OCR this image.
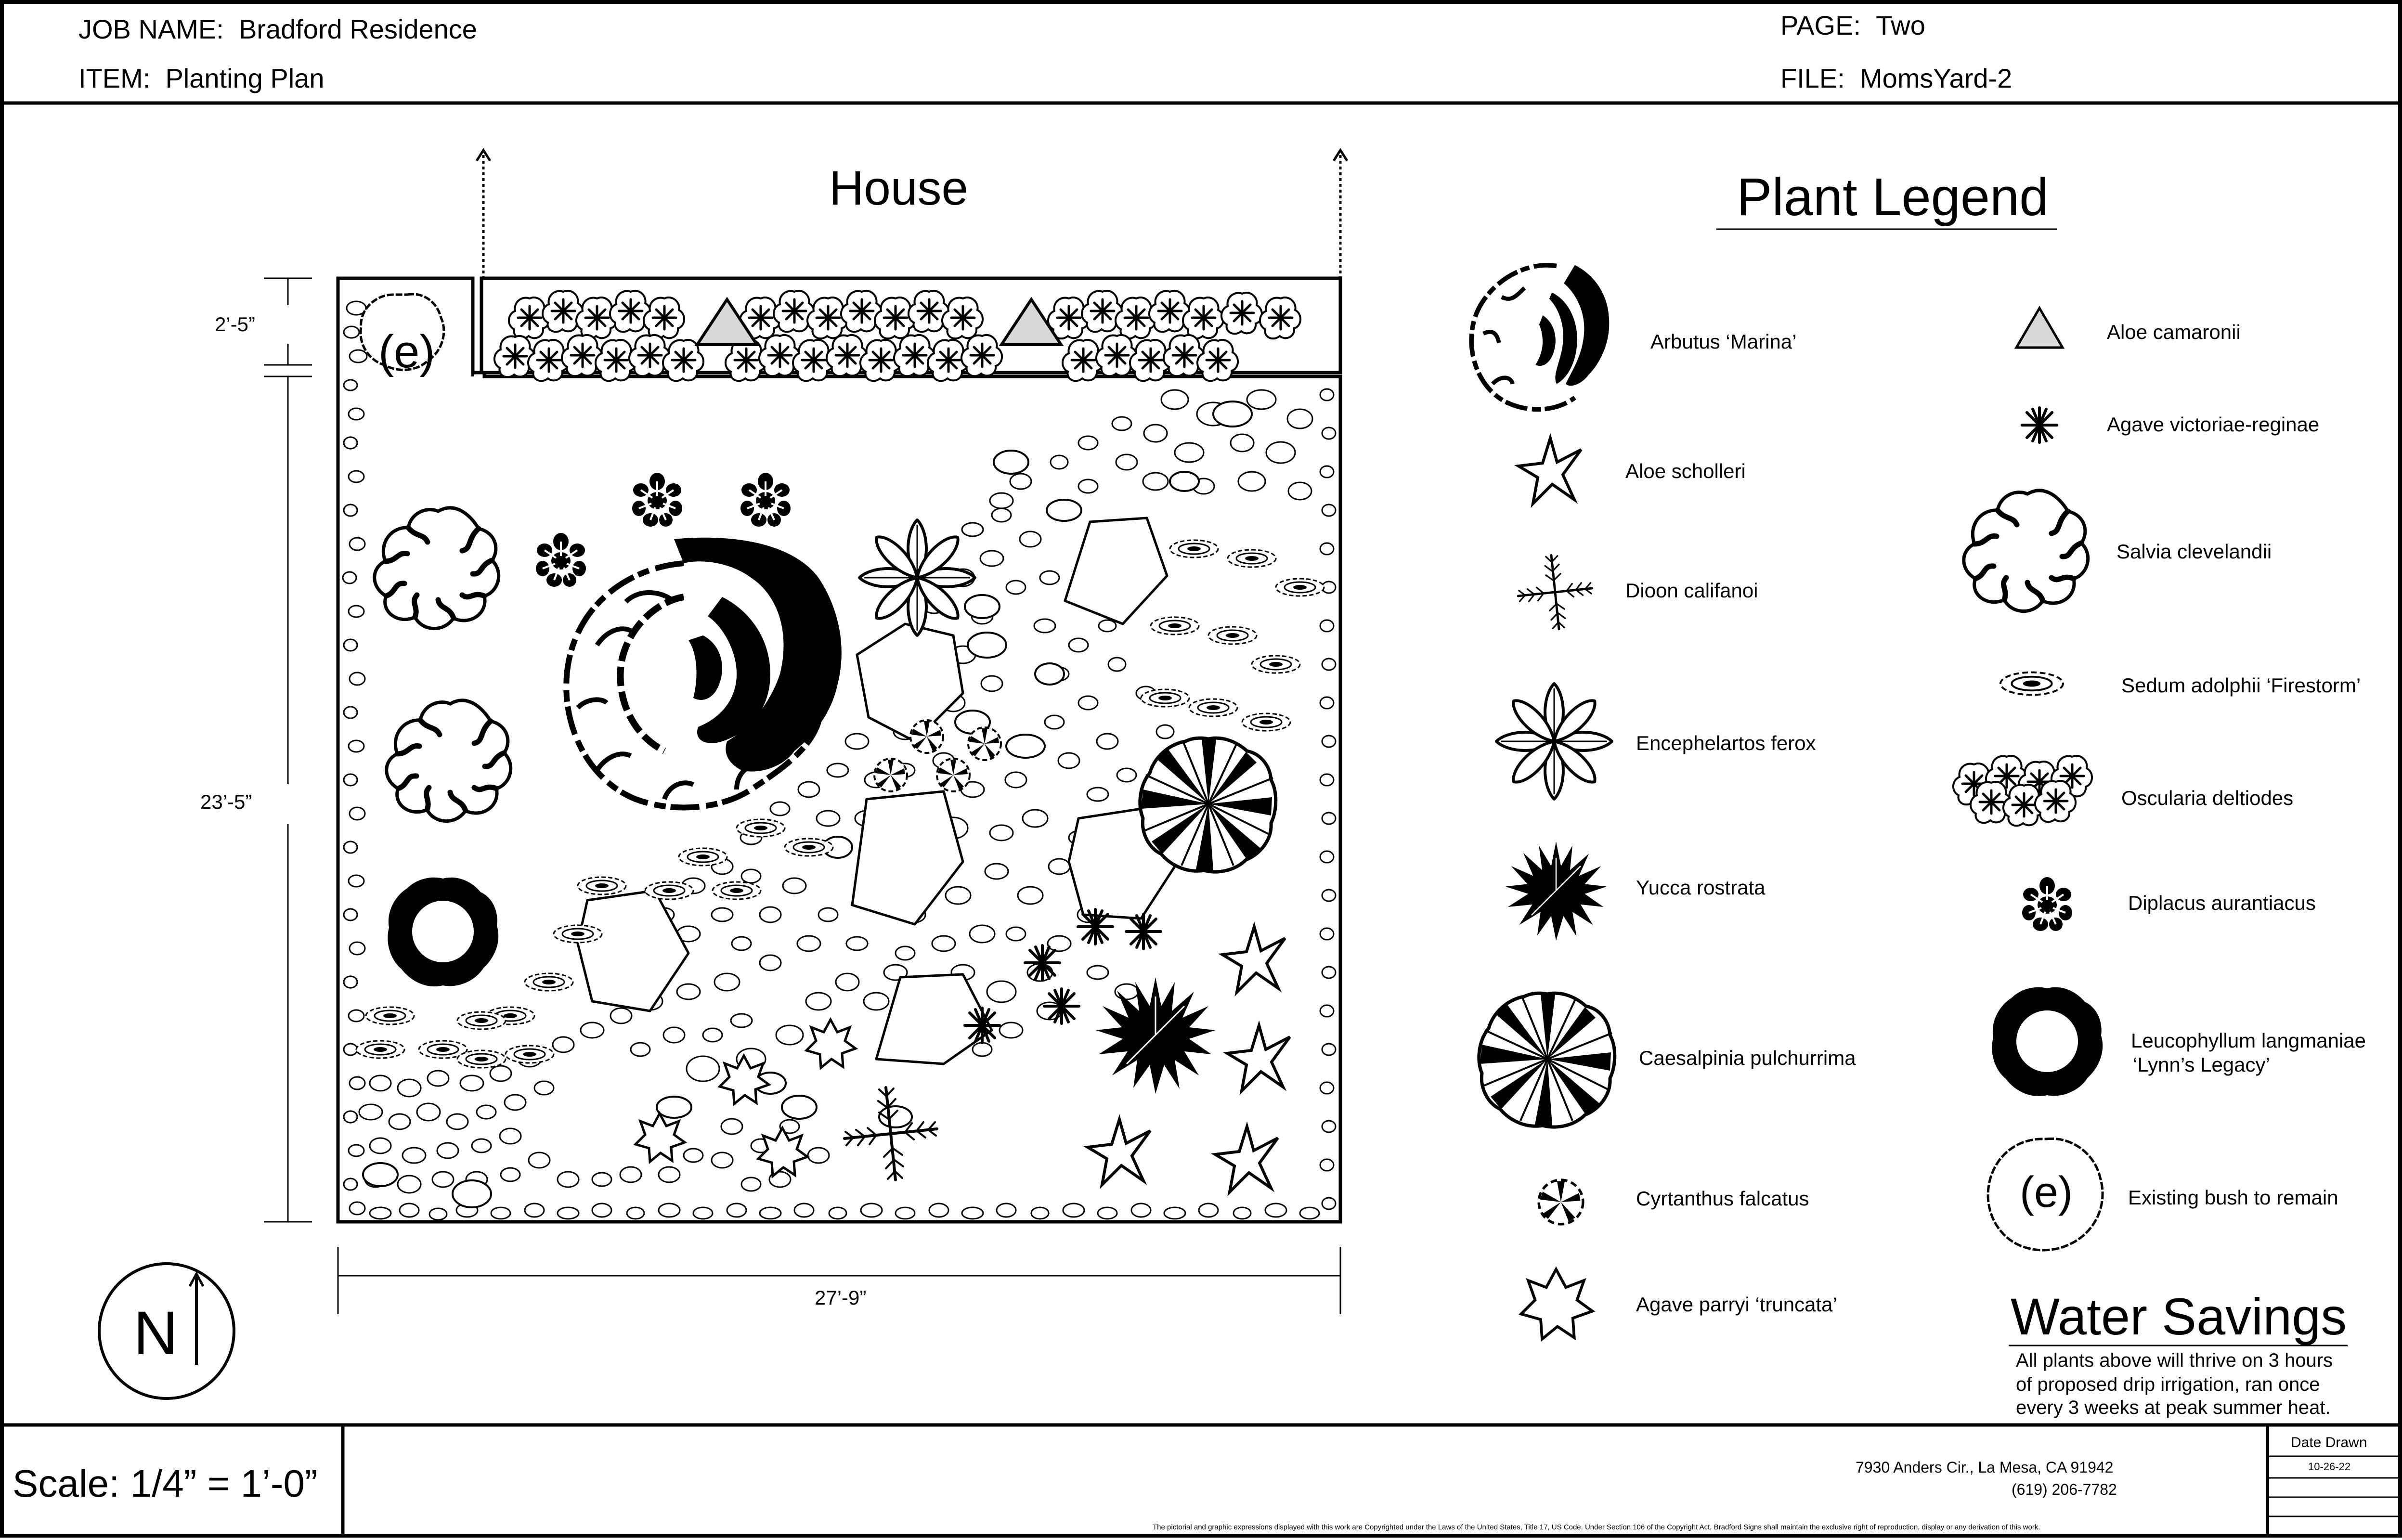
JOB NAME: Bradford Residence
ITEM: Planting Plan
PAGE: Two
FILE: MomsYard-2
House
(e)
2’-5”
23’-5”
27’-9”
N
Plant Legend
Arbutus ‘Marina’
Aloe scholleri
Dioon califanoi
Encephelartos ferox
Yucca rostrata
Caesalpinia pulchurrima
Cyrtanthus falcatus
Agave parryi ‘truncata’
Aloe camaronii
Agave victoriae-reginae
Salvia clevelandii
Sedum adolphii ‘Firestorm’
Oscularia deltiodes
Diplacus aurantiacus
Leucophyllum langmaniae
‘Lynn’s Legacy’
(e)	Existing bush to remain
Water Savings
All plants above will thrive on 3 hours
of proposed drip irrigation, ran once
every 3 weeks at peak summer heat.
Scale: 1/4” = 1’-0”	7930 Anders Cir., La Mesa, CA 91942
(619) 206-7782
The pictorial and graphic expressions displayed with this work are Copyrighted under the Laws of the United States, Title 17, US Code. Under Section 106 of the Copyright Act, Bradford Signs shall maintain the exclusive right of reproduction, display or any derivation of this work.
Date Drawn
10-26-22
